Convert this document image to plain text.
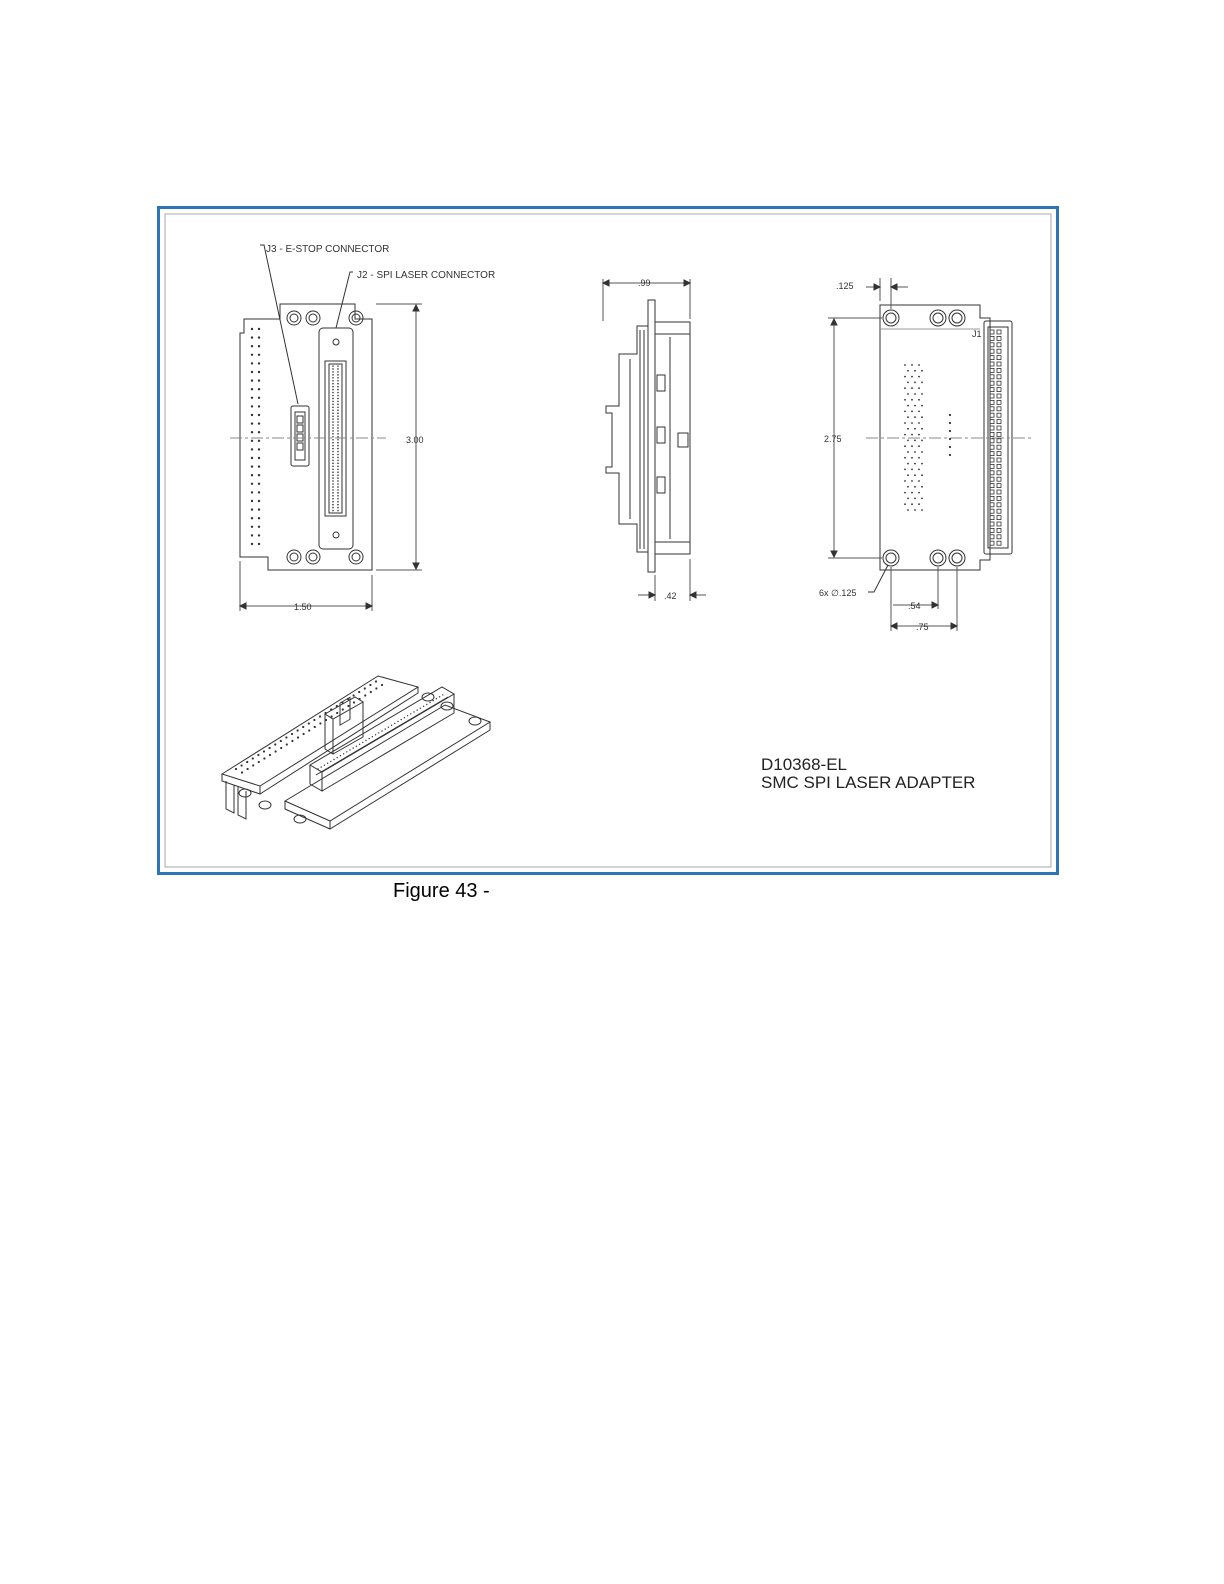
J3 - E-STOP CONNECTOR
J2 - SPI LASER CONNECTOR
3.00
1.50
.99
.42
J1
.125
2.75
6x ∅.125
.54
.75
D10368-EL
SMC SPI LASER ADAPTER
Figure 43 -
